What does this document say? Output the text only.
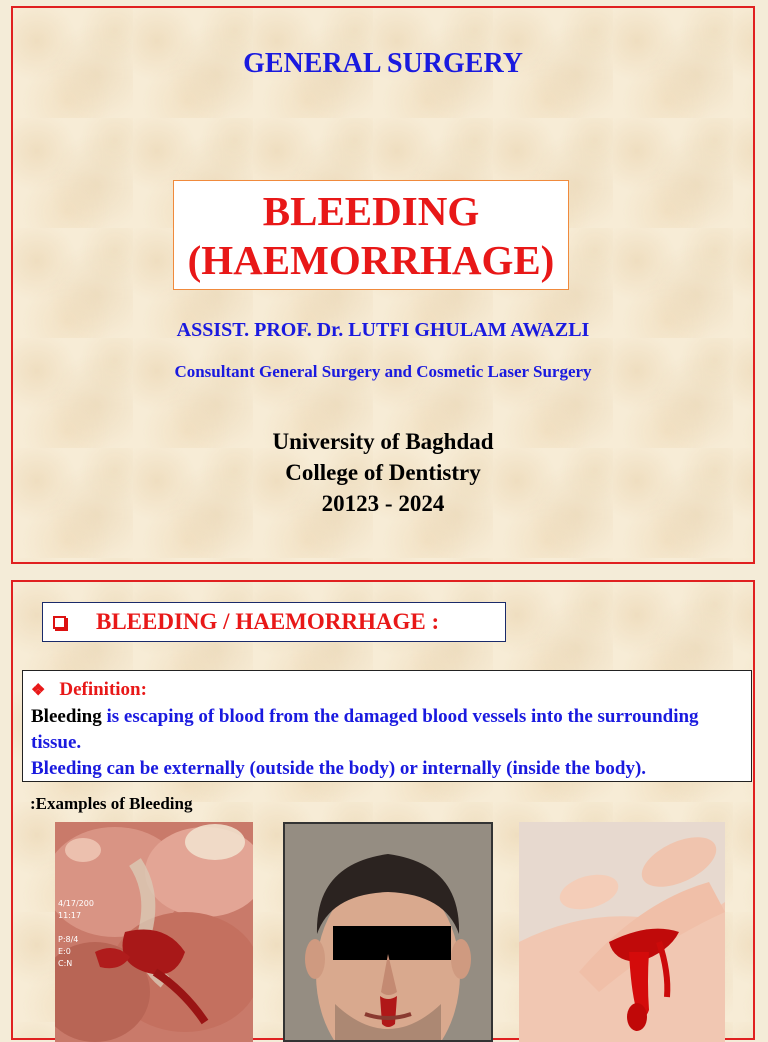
GENERAL SURGERY
BLEEDING
(HAEMORRHAGE)
ASSIST. PROF. Dr. LUTFI GHULAM AWAZLI
Consultant General Surgery and Cosmetic Laser Surgery
University of Baghdad
College of Dentistry
20123 - 2024
BLEEDING / HAEMORRHAGE :
❖ Definition:
Bleeding is escaping of blood from the damaged blood vessels into the surrounding tissue.
Bleeding can be externally (outside the body) or internally (inside the body).
:Examples of Bleeding
4/17/200
11:17
P:8/4
E:0
C:N
